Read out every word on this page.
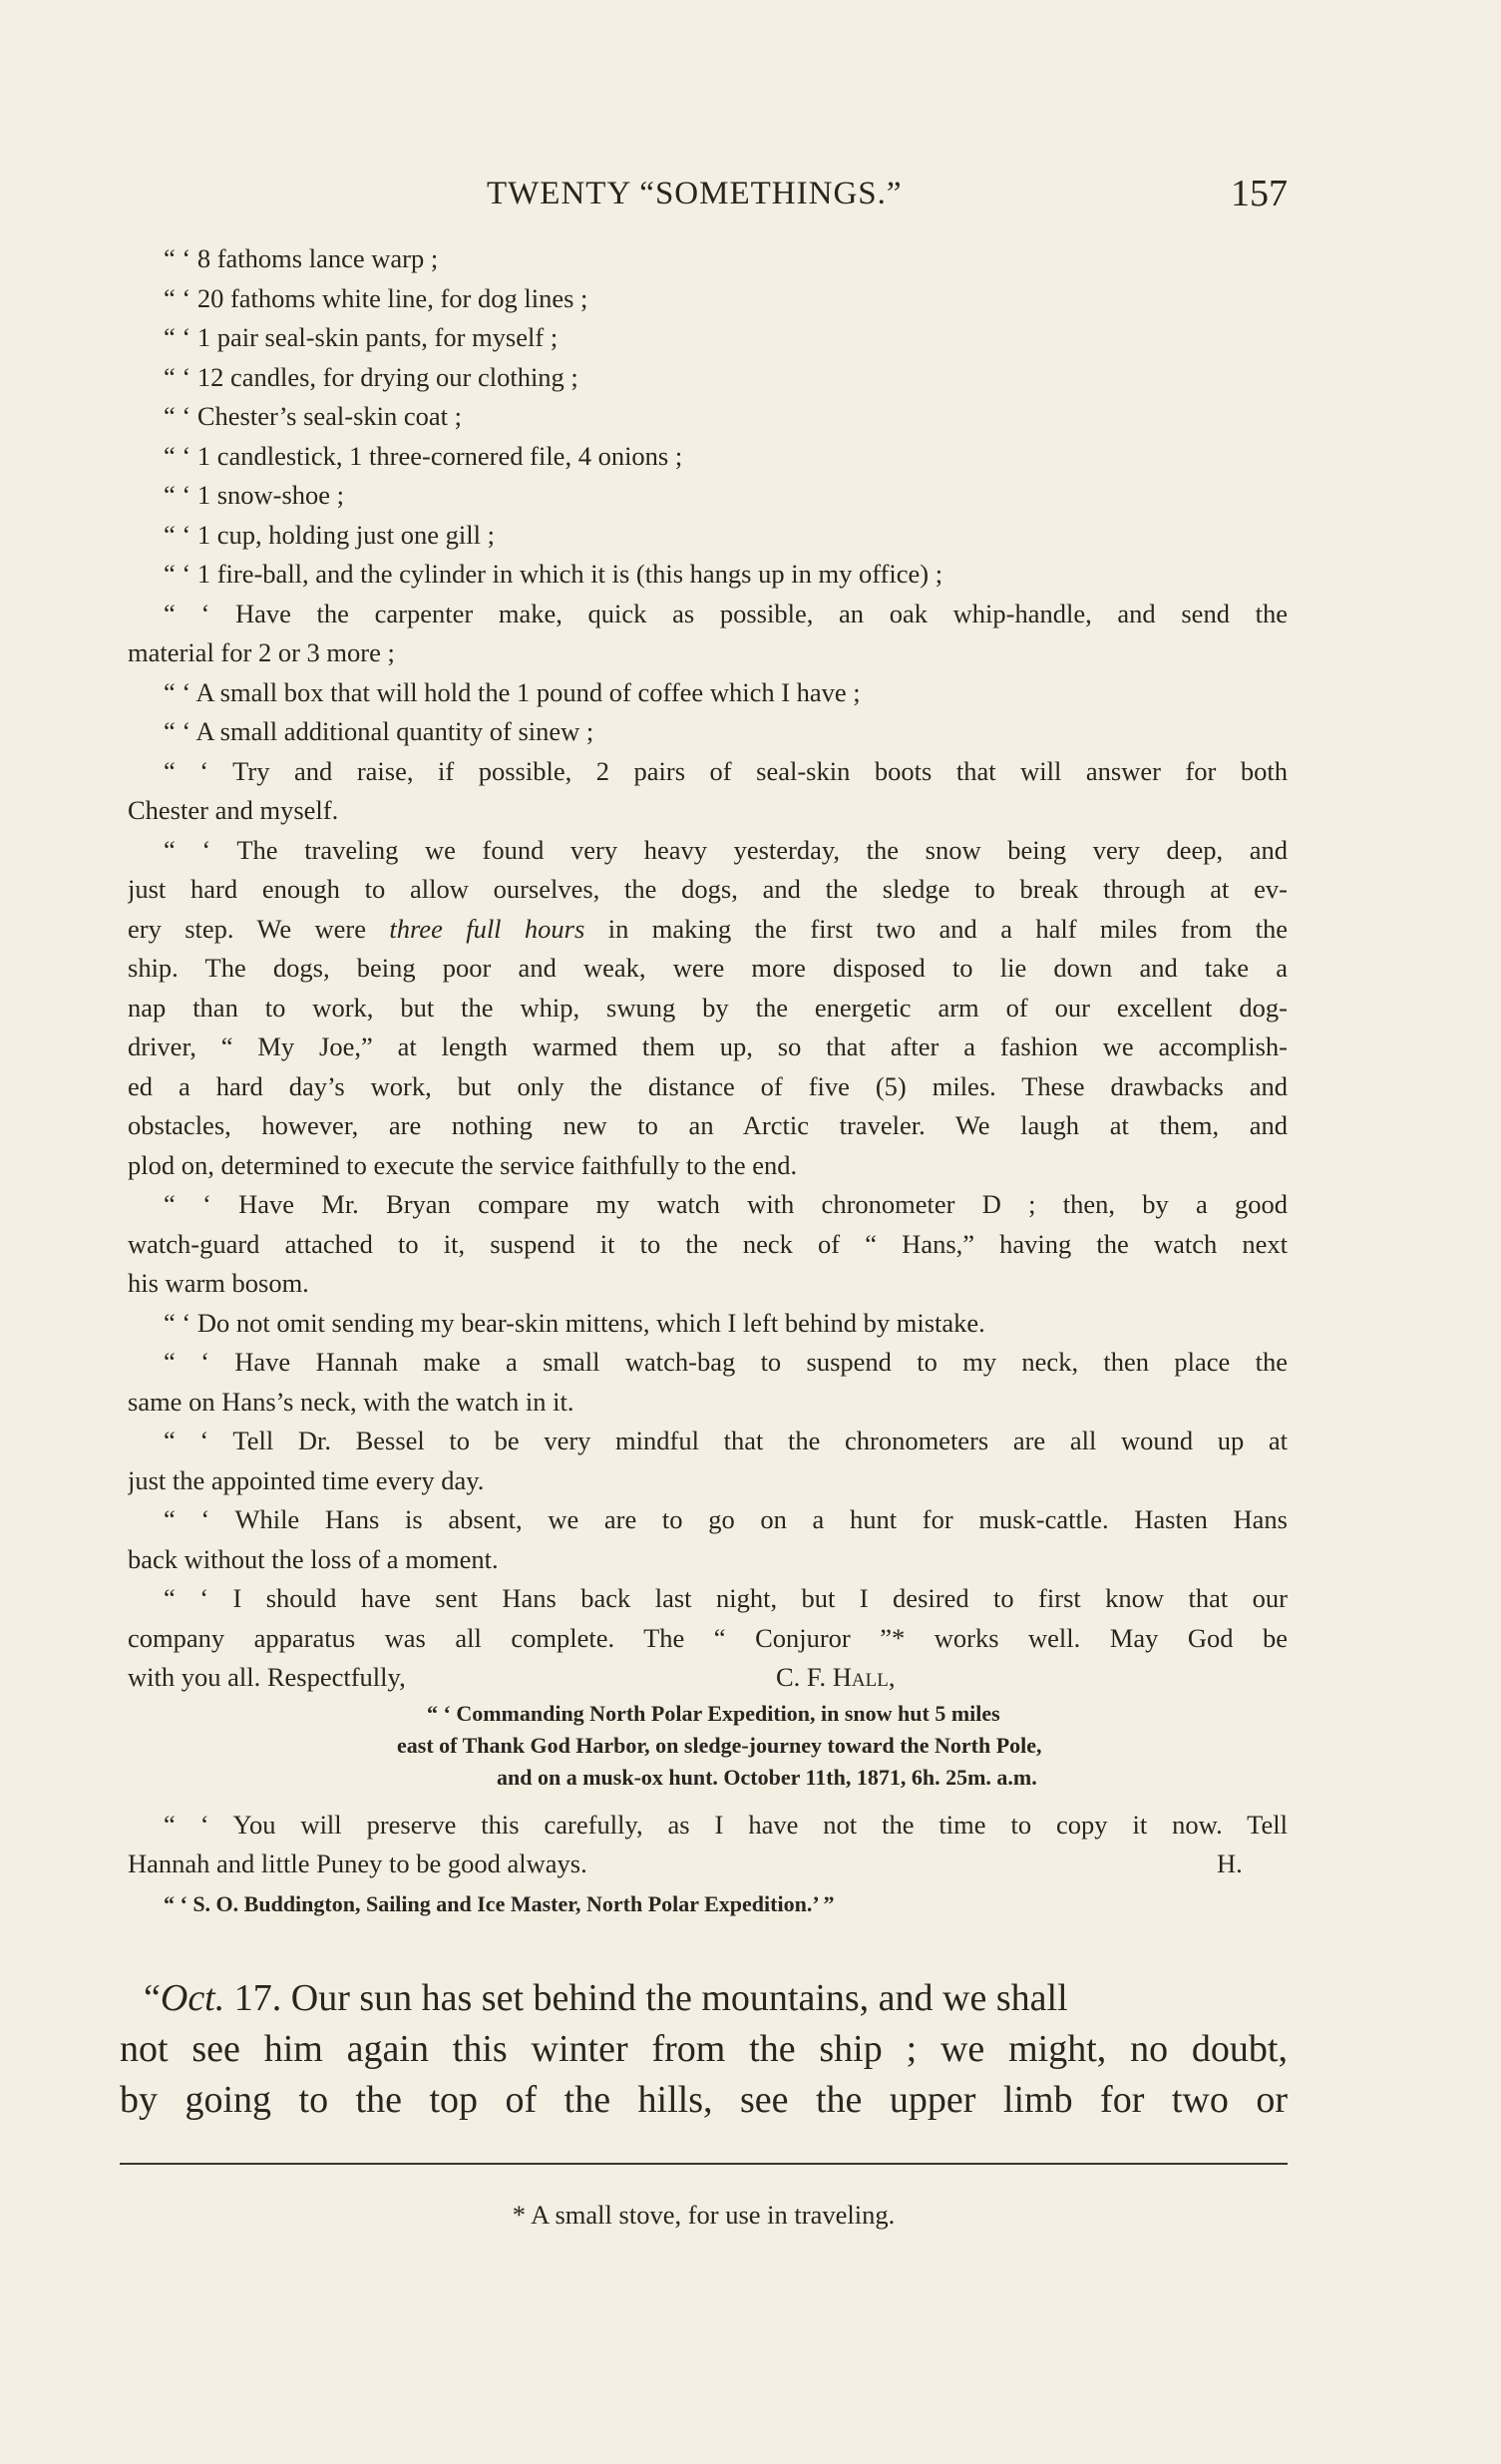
TWENTY “SOMETHINGS.”	157
“ ‘ 8 fathoms lance warp ;
“ ‘ 20 fathoms white line, for dog lines ;
“ ‘ 1 pair seal-skin pants, for myself ;
“ ‘ 12 candles, for drying our clothing ;
“ ‘ Chester’s seal-skin coat ;
“ ‘ 1 candlestick, 1 three-cornered file, 4 onions ;
“ ‘ 1 snow-shoe ;
“ ‘ 1 cup, holding just one gill ;
“ ‘ 1 fire-ball, and the cylinder in which it is (this hangs up in my office) ;
“ ‘ Have the carpenter make, quick as possible, an oak whip-handle, and send the
material for 2 or 3 more ;
“ ‘ A small box that will hold the 1 pound of coffee which I have ;
“ ‘ A small additional quantity of sinew ;
“ ‘ Try and raise, if possible, 2 pairs of seal-skin boots that will answer for both
Chester and myself.
“ ‘ The traveling we found very heavy yesterday, the snow being very deep, and
just hard enough to allow ourselves, the dogs, and the sledge to break through at ev-
ery step. We were three full hours in making the first two and a half miles from the
ship. The dogs, being poor and weak, were more disposed to lie down and take a
nap than to work, but the whip, swung by the energetic arm of our excellent dog-
driver, “ My Joe,” at length warmed them up, so that after a fashion we accomplish-
ed a hard day’s work, but only the distance of five (5) miles. These drawbacks and
obstacles, however, are nothing new to an Arctic traveler. We laugh at them, and
plod on, determined to execute the service faithfully to the end.
“ ‘ Have Mr. Bryan compare my watch with chronometer D ; then, by a good
watch-guard attached to it, suspend it to the neck of “ Hans,” having the watch next
his warm bosom.
“ ‘ Do not omit sending my bear-skin mittens, which I left behind by mistake.
“ ‘ Have Hannah make a small watch-bag to suspend to my neck, then place the
same on Hans’s neck, with the watch in it.
“ ‘ Tell Dr. Bessel to be very mindful that the chronometers are all wound up at
just the appointed time every day.
“ ‘ While Hans is absent, we are to go on a hunt for musk-cattle. Hasten Hans
back without the loss of a moment.
“ ‘ I should have sent Hans back last night, but I desired to first know that our
company apparatus was all complete. The “ Conjuror ”* works well. May God be
with you all. Respectfully,	C. F. Hall,
“ ‘ Commanding North Polar Expedition, in snow hut 5 miles
east of Thank God Harbor, on sledge-journey toward the North Pole,
and on a musk-ox hunt. October 11th, 1871, 6h. 25m. a.m.
“ ‘ You will preserve this carefully, as I have not the time to copy it now. Tell
Hannah and little Puney to be good always.	H.
“ ‘ S. O. Buddington, Sailing and Ice Master, North Polar Expedition.’ ”
“Oct. 17. Our sun has set behind the mountains, and we shall
not see him again this winter from the ship ; we might, no doubt,
by going to the top of the hills, see the upper limb for two or
* A small stove, for use in traveling.
